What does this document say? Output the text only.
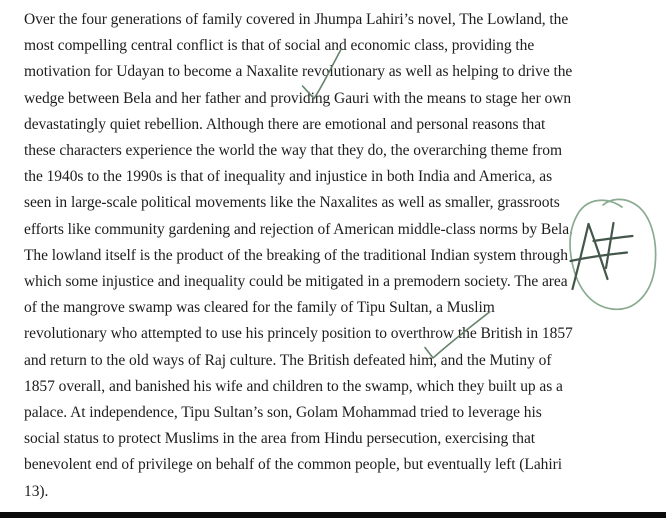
Over the four generations of family covered in Jhumpa Lahiri’s novel, The Lowland, the
most compelling central conflict is that of social and economic class, providing the
motivation for Udayan to become a Naxalite revolutionary as well as helping to drive the
wedge between Bela and her father and providing Gauri with the means to stage her own
devastatingly quiet rebellion. Although there are emotional and personal reasons that
these characters experience the world the way that they do, the overarching theme from
the 1940s to the 1990s is that of inequality and injustice in both India and America, as
seen in large-scale political movements like the Naxalites as well as smaller, grassroots
efforts like community gardening and rejection of American middle-class norms by Bela.
The lowland itself is the product of the breaking of the traditional Indian system through
which some injustice and inequality could be mitigated in a premodern society. The area
of the mangrove swamp was cleared for the family of Tipu Sultan, a Muslim
revolutionary who attempted to use his princely position to overthrow the British in 1857
and return to the old ways of Raj culture. The British defeated him, and the Mutiny of
1857 overall, and banished his wife and children to the swamp, which they built up as a
palace. At independence, Tipu Sultan’s son, Golam Mohammad tried to leverage his
social status to protect Muslims in the area from Hindu persecution, exercising that
benevolent end of privilege on behalf of the common people, but eventually left (Lahiri
13).
